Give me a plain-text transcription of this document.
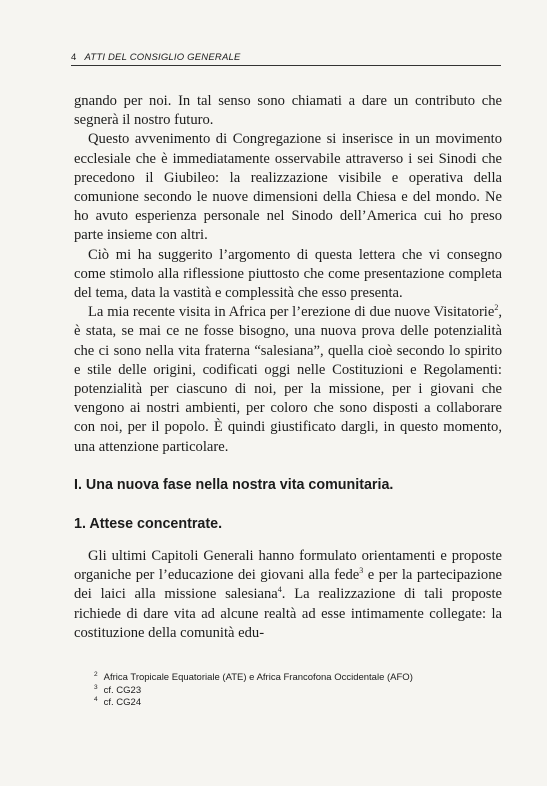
4 ATTI DEL CONSIGLIO GENERALE

gnando per noi. In tal senso sono chiamati a dare un contributo che segnerà il nostro futuro.

Questo avvenimento di Congregazione si inserisce in un movimento ecclesiale che è immediatamente osservabile attraverso i sei Sinodi che precedono il Giubileo: la realizzazione visibile e operativa della comunione secondo le nuove dimensioni della Chiesa e del mondo. Ne ho avuto esperienza personale nel Sinodo dell’America cui ho preso parte insieme con altri.

Ciò mi ha suggerito l’argomento di questa lettera che vi consegno come stimolo alla riflessione piuttosto che come presentazione completa del tema, data la vastità e complessità che esso presenta.

La mia recente visita in Africa per l’erezione di due nuove Visitatorie$^2$, è stata, se mai ce ne fosse bisogno, una nuova prova delle potenzialità che ci sono nella vita fraterna “salesiana”, quella cioè secondo lo spirito e stile delle origini, codificati oggi nelle Costituzioni e Regolamenti: potenzialità per ciascuno di noi, per la missione, per i giovani che vengono ai nostri ambienti, per coloro che sono disposti a collaborare con noi, per il popolo. È quindi giustificato dargli, in questo momento, una attenzione particolare.

I. Una nuova fase nella nostra vita comunitaria.
1. Attese concentrate.

Gli ultimi Capitoli Generali hanno formulato orientamenti e proposte organiche per l’educazione dei giovani alla fede$^3$ e per la partecipazione dei laici alla missione salesiana$^4$. La realizzazione di tali proposte richiede di dare vita ad alcune realtà ad esse intimamente collegate: la costituzione della comunità edu-

2 Africa Tropicale Equatoriale (ATE) e Africa Francofona Occidentale (AFO)
3 cf. CG23
4 cf. CG24
